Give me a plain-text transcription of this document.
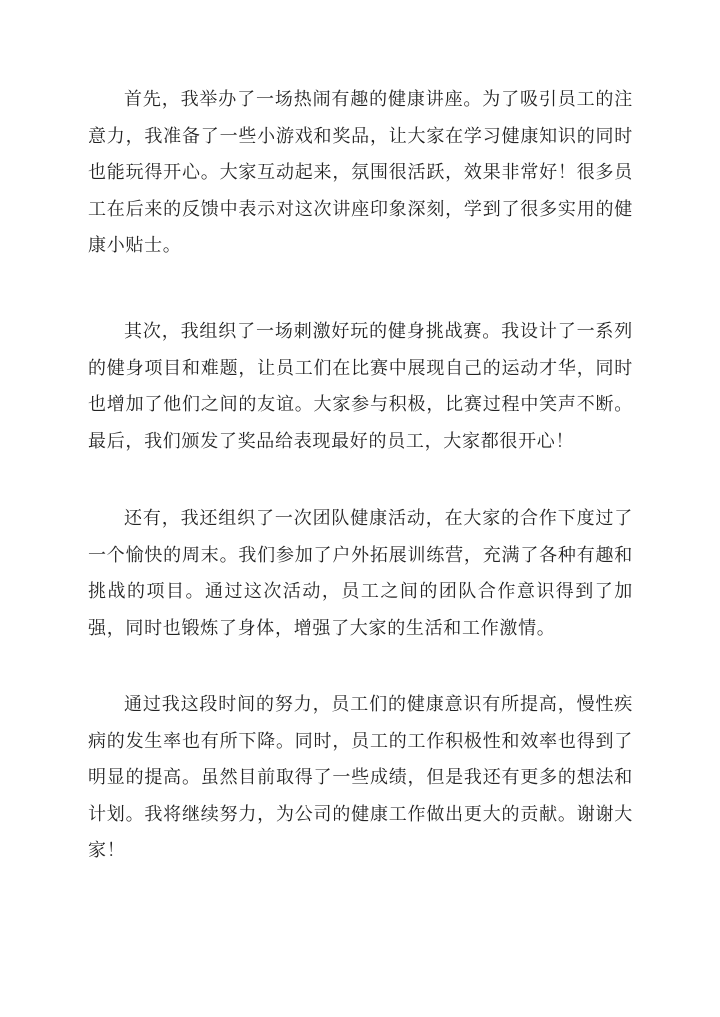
首先，我举办了一场热闹有趣的健康讲座。为了吸引员工的注意力，我准备了一些小游戏和奖品，让大家在学习健康知识的同时也能玩得开心。大家互动起来，氛围很活跃，效果非常好！很多员工在后来的反馈中表示对这次讲座印象深刻，学到了很多实用的健康小贴士。

其次，我组织了一场刺激好玩的健身挑战赛。我设计了一系列的健身项目和难题，让员工们在比赛中展现自己的运动才华，同时也增加了他们之间的友谊。大家参与积极，比赛过程中笑声不断。最后，我们颁发了奖品给表现最好的员工，大家都很开心！

还有，我还组织了一次团队健康活动，在大家的合作下度过了一个愉快的周末。我们参加了户外拓展训练营，充满了各种有趣和挑战的项目。通过这次活动，员工之间的团队合作意识得到了加强，同时也锻炼了身体，增强了大家的生活和工作激情。

通过我这段时间的努力，员工们的健康意识有所提高，慢性疾病的发生率也有所下降。同时，员工的工作积极性和效率也得到了明显的提高。虽然目前取得了一些成绩，但是我还有更多的想法和计划。我将继续努力，为公司的健康工作做出更大的贡献。谢谢大家！
